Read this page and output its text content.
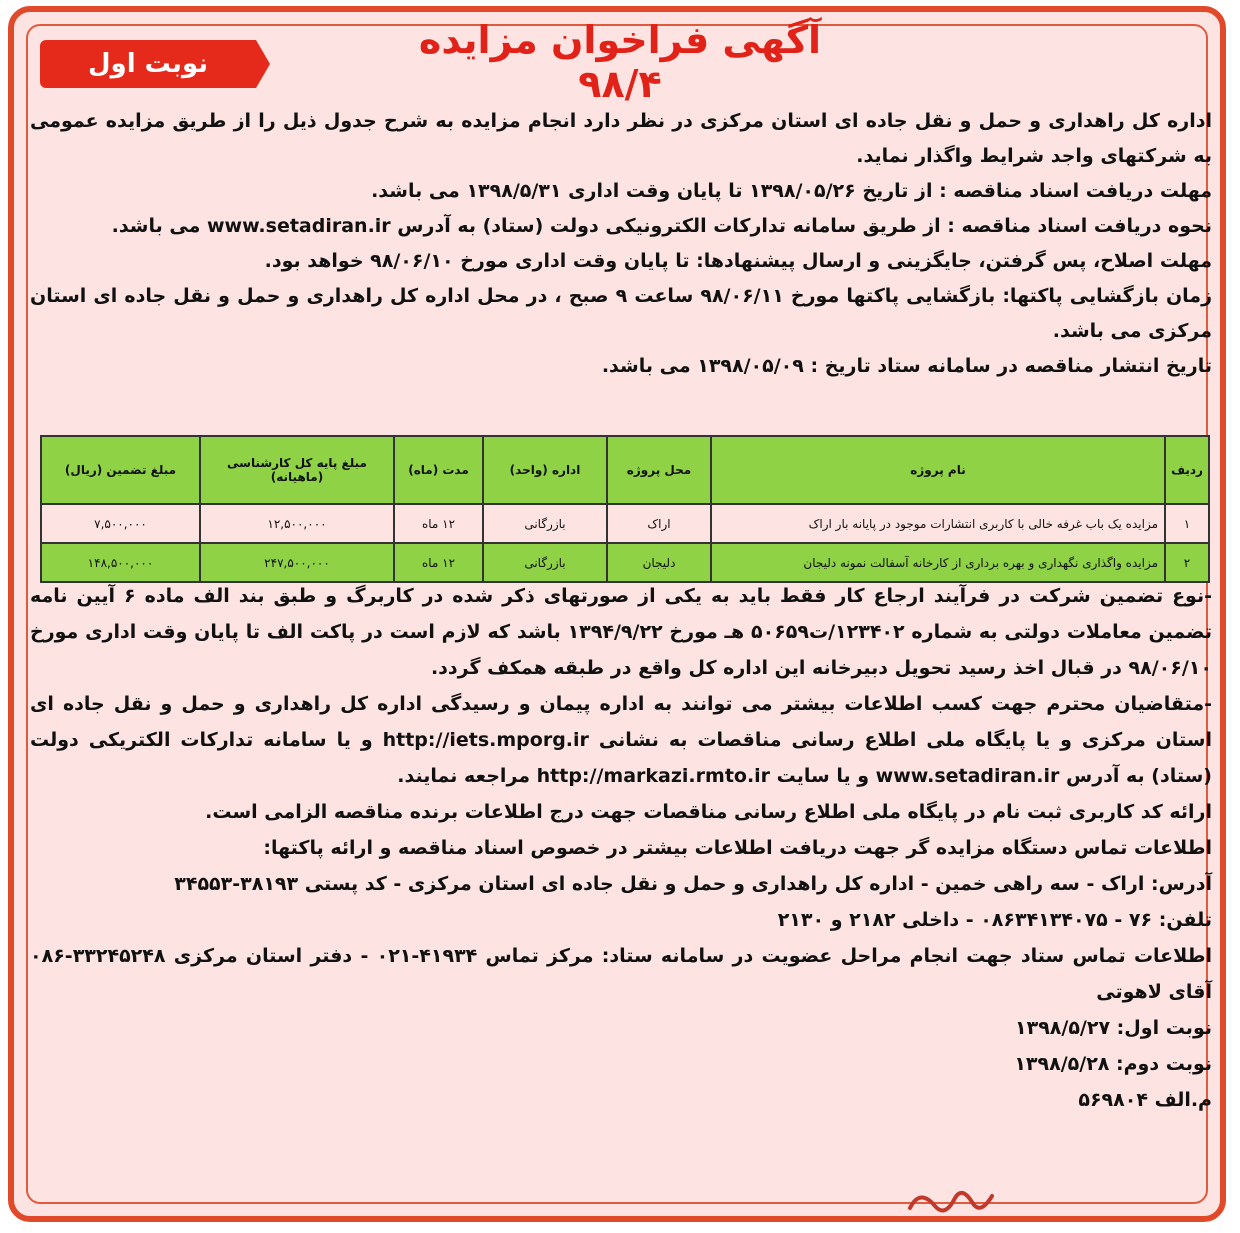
آگهی فراخوان مزایده ۹۸/۴
نوبت اول

اداره کل راهداری و حمل و نقل جاده ای استان مرکزی در نظر دارد انجام مزایده به شرح جدول ذیل را از طریق مزایده عمومی به شرکتهای واجد شرایط واگذار نماید.

مهلت دریافت اسناد مناقصه : از تاریخ ۱۳۹۸/۰۵/۲۶ تا پایان وقت اداری ۱۳۹۸/۵/۳۱ می باشد.

نحوه دریافت اسناد مناقصه : از طریق سامانه تدارکات الکترونیکی دولت (ستاد) به آدرس www.setadiran.ir می باشد.

مهلت اصلاح، پس گرفتن، جایگزینی و ارسال پیشنهادها: تا پایان وقت اداری مورخ ۹۸/۰۶/۱۰ خواهد بود.

زمان بازگشایی پاکتها: بازگشایی پاکتها مورخ ۹۸/۰۶/۱۱ ساعت ۹ صبح ، در محل اداره کل راهداری و حمل و نقل جاده ای استان مرکزی می باشد.

تاریخ انتشار مناقصه در سامانه ستاد تاریخ : ۱۳۹۸/۰۵/۰۹ می باشد.

ردیف	نام پروژه	محل پروژه	اداره (واحد)	مدت (ماه)	مبلغ پایه کل کارشناسی (ماهیانه)	مبلغ تضمین (ریال)
۱	مزایده یک باب غرفه خالی با کاربری انتشارات موجود در پایانه بار اراک	اراک	بازرگانی	۱۲ ماه	۱۲,۵۰۰,۰۰۰	۷,۵۰۰,۰۰۰
۲	مزایده واگذاری نگهداری و بهره برداری از کارخانه آسفالت نمونه دلیجان	دلیجان	بازرگانی	۱۲ ماه	۲۴۷,۵۰۰,۰۰۰	۱۴۸,۵۰۰,۰۰۰

-نوع تضمین شرکت در فرآیند ارجاع کار فقط باید به یکی از صورتهای ذکر شده در کاربرگ و طبق بند الف ماده ۶ آیین نامه تضمین معاملات دولتی به شماره ۱۲۳۴۰۲/ت۵۰۶۵۹ هـ مورخ ۱۳۹۴/۹/۲۲ باشد که لازم است در پاکت الف تا پایان وقت اداری مورخ ۹۸/۰۶/۱۰ در قبال اخذ رسید تحویل دبیرخانه این اداره کل واقع در طبقه همکف گردد.

-متقاضیان محترم جهت کسب اطلاعات بیشتر می توانند به اداره پیمان و رسیدگی اداره کل راهداری و حمل و نقل جاده ای استان مرکزی و یا پایگاه ملی اطلاع رسانی مناقصات به نشانی http://iets.mporg.ir و یا سامانه تدارکات الکتریکی دولت (ستاد) به آدرس www.setadiran.ir و یا سایت http://markazi.rmto.ir مراجعه نمایند.

ارائه کد کاربری ثبت نام در پایگاه ملی اطلاع رسانی مناقصات جهت درج اطلاعات برنده مناقصه الزامی است.

اطلاعات تماس دستگاه مزایده گر جهت دریافت اطلاعات بیشتر در خصوص اسناد مناقصه و ارائه پاکتها:

آدرس: اراک - سه راهی خمین - اداره کل راهداری و حمل و نقل جاده ای استان مرکزی - کد پستی ۳۸۱۹۳-۳۴۵۵۳

تلفن: ۷۶ - ۰۸۶۳۴۱۳۴۰۷۵ - داخلی ۲۱۸۲ و ۲۱۳۰

اطلاعات تماس ستاد جهت انجام مراحل عضویت در سامانه ستاد: مرکز تماس ۴۱۹۳۴-۰۲۱ - دفتر استان مرکزی ۳۳۲۴۵۲۴۸-۰۸۶ آقای لاهوتی

نوبت اول: ۱۳۹۸/۵/۲۷

نوبت دوم: ۱۳۹۸/۵/۲۸

م.الف ۵۶۹۸۰۴
